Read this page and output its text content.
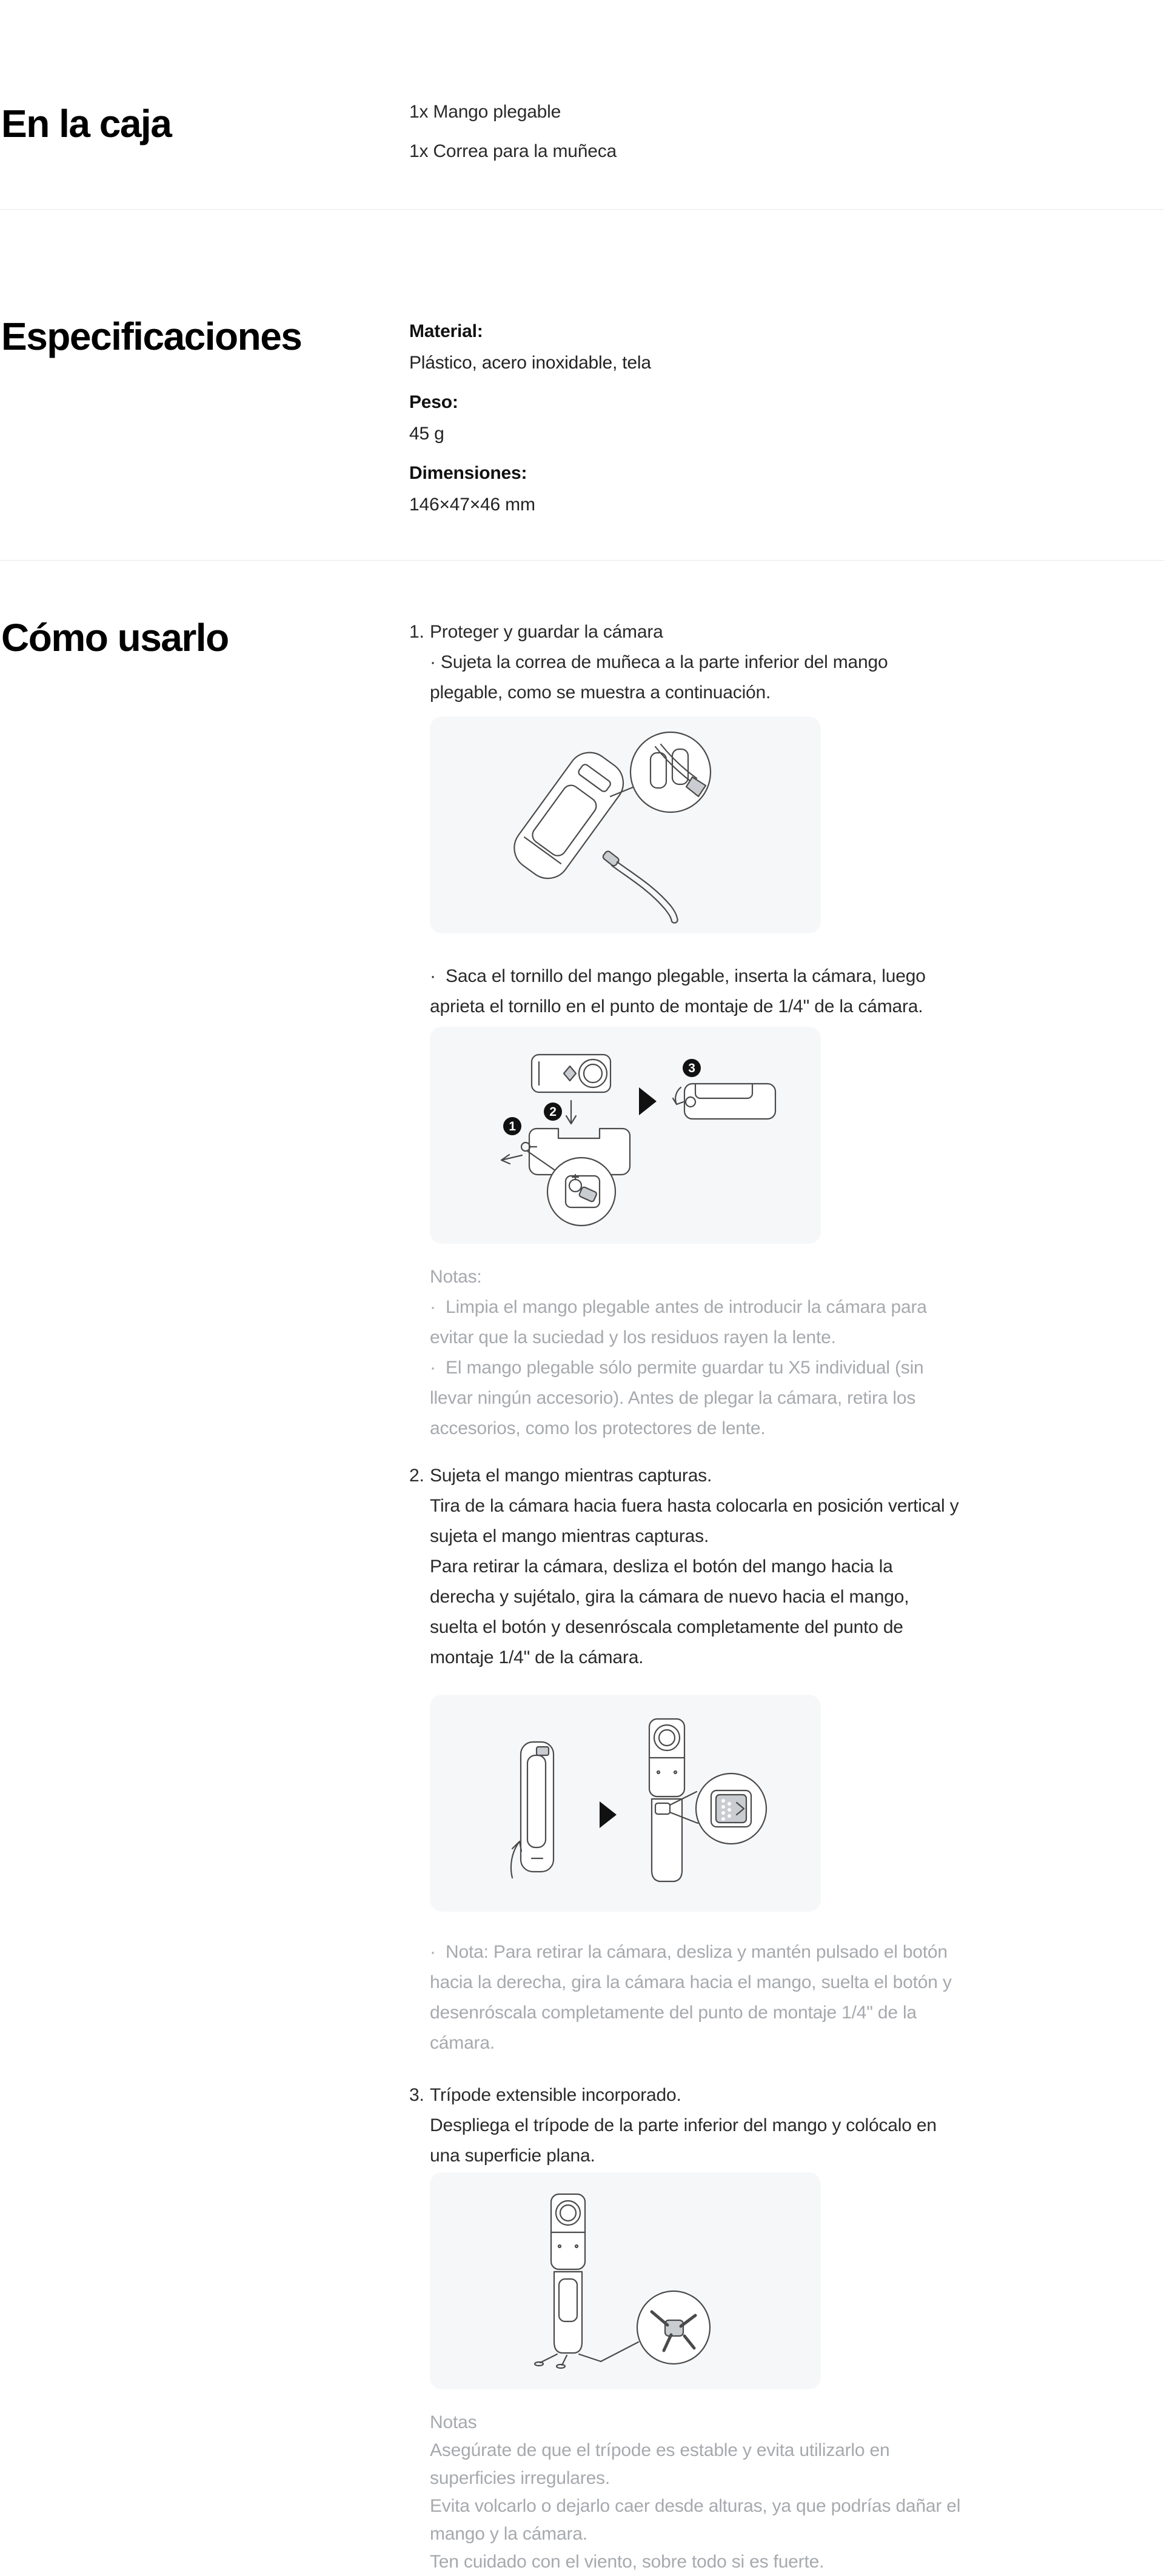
En la caja	1x Mango plegable

1x Correa para la muñeca

Especificaciones	Material:

Plástico, acero inoxidable, tela

Peso:

45 g

Dimensiones:

146×47×46 mm

Cómo usarlo	1. Proteger y guardar la cámara

· Sujeta la correa de muñeca a la parte inferior del mango plegable, como se muestra a continuación.

·  Saca el tornillo del mango plegable, inserta la cámara, luego aprieta el tornillo en el punto de montaje de 1/4" de la cámara.

2
1
3

Notas:

·  Limpia el mango plegable antes de introducir la cámara para evitar que la suciedad y los residuos rayen la lente.

·  El mango plegable sólo permite guardar tu X5 individual (sin llevar ningún accesorio). Antes de plegar la cámara, retira los accesorios, como los protectores de lente.

2. Sujeta el mango mientras capturas.

Tira de la cámara hacia fuera hasta colocarla en posición vertical y sujeta el mango mientras capturas.

Para retirar la cámara, desliza el botón del mango hacia la derecha y sujétalo, gira la cámara de nuevo hacia el mango, suelta el botón y desenróscala completamente del punto de montaje 1/4" de la cámara.

·  Nota: Para retirar la cámara, desliza y mantén pulsado el botón hacia la derecha, gira la cámara hacia el mango, suelta el botón y desenróscala completamente del punto de montaje 1/4" de la cámara.

3. Trípode extensible incorporado.

Despliega el trípode de la parte inferior del mango y colócalo en una superficie plana.

Notas

Asegúrate de que el trípode es estable y evita utilizarlo en superficies irregulares.

Evita volcarlo o dejarlo caer desde alturas, ya que podrías dañar el mango y la cámara.

Ten cuidado con el viento, sobre todo si es fuerte.
